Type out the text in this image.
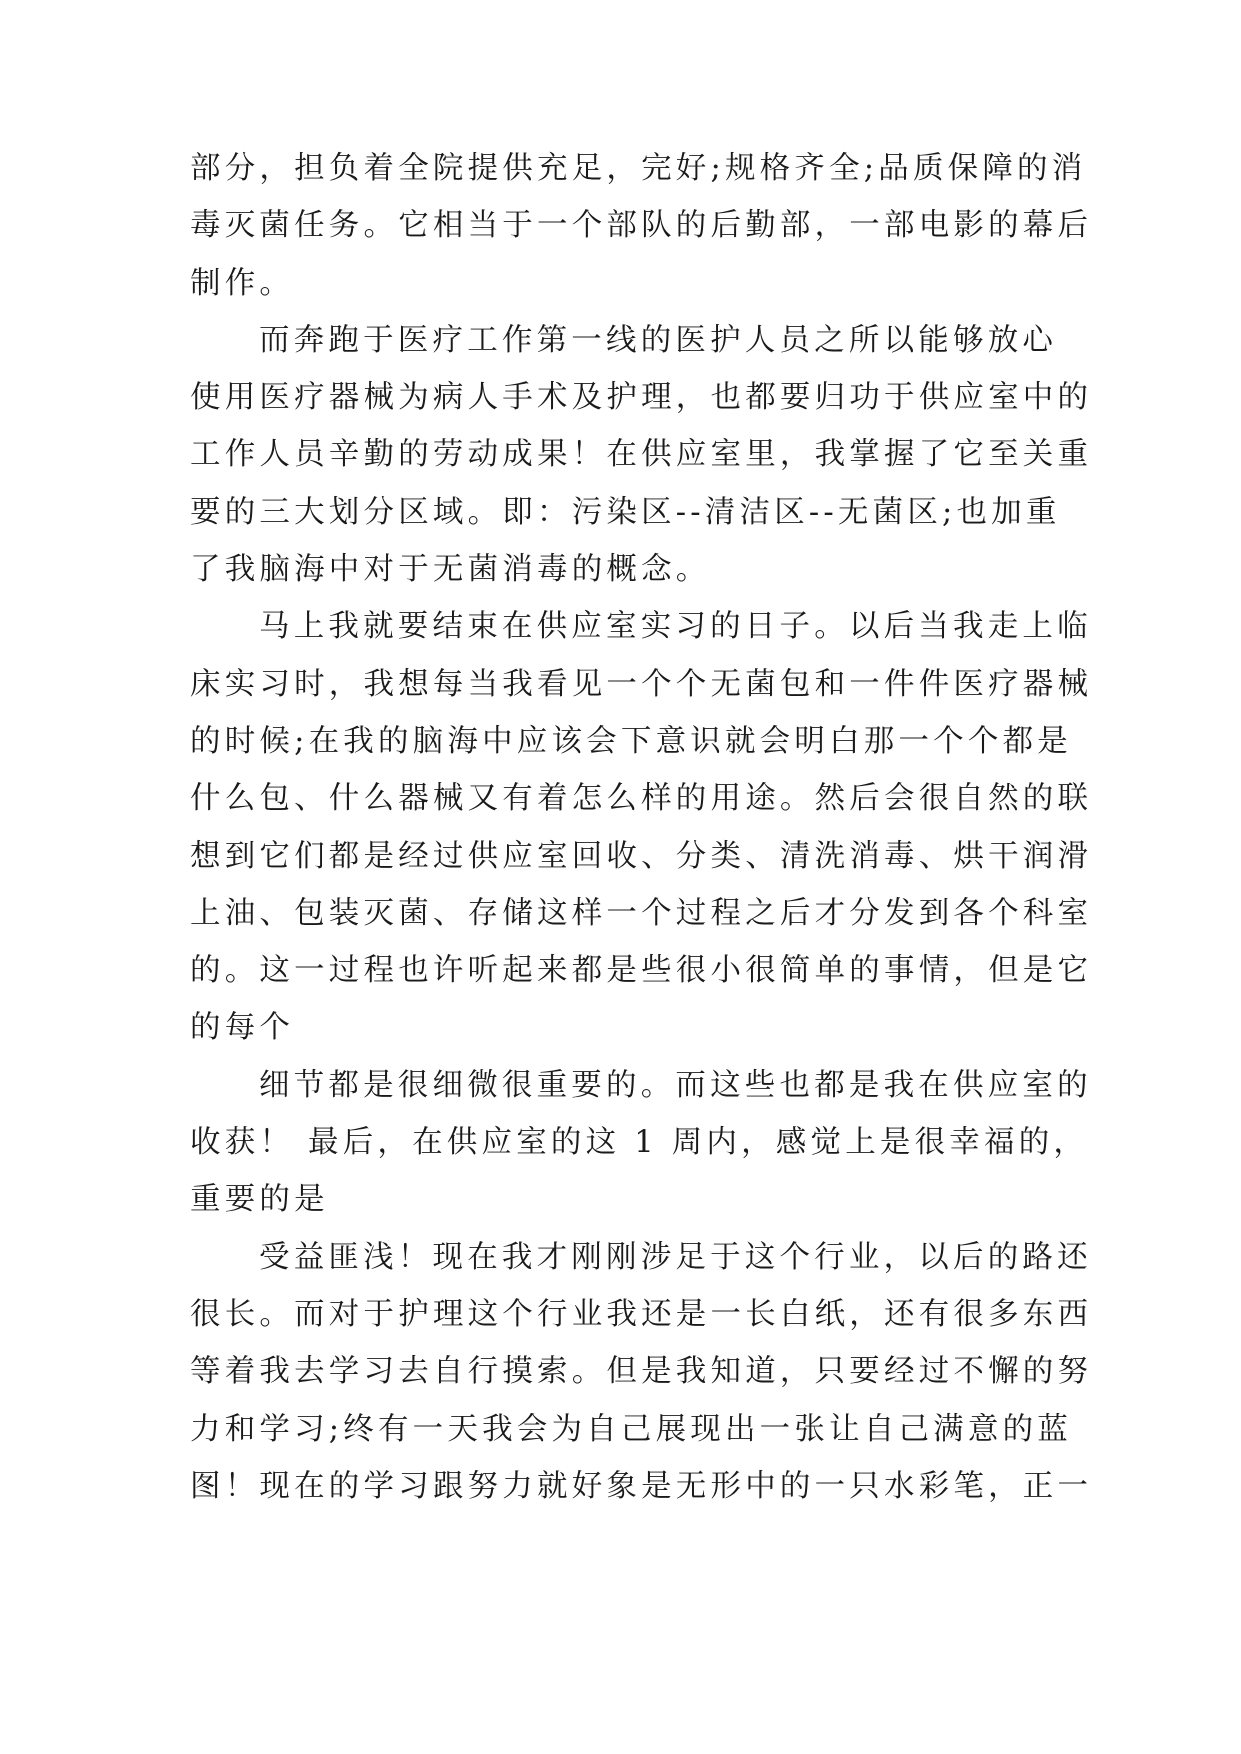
部分，担负着全院提供充足，完好;规格齐全;品质保障的消
毒灭菌任务。它相当于一个部队的后勤部，一部电影的幕后
制作。
而奔跑于医疗工作第一线的医护人员之所以能够放心
使用医疗器械为病人手术及护理，也都要归功于供应室中的
工作人员辛勤的劳动成果！在供应室里，我掌握了它至关重
要的三大划分区域。即：污染区--清洁区--无菌区;也加重
了我脑海中对于无菌消毒的概念。
马上我就要结束在供应室实习的日子。以后当我走上临
床实习时，我想每当我看见一个个无菌包和一件件医疗器械
的时候;在我的脑海中应该会下意识就会明白那一个个都是
什么包、什么器械又有着怎么样的用途。然后会很自然的联
想到它们都是经过供应室回收、分类、清洗消毒、烘干润滑
上油、包装灭菌、存储这样一个过程之后才分发到各个科室
的。这一过程也许听起来都是些很小很简单的事情，但是它
的每个
细节都是很细微很重要的。而这些也都是我在供应室的
收获！ 最后，在供应室的这 1 周内，感觉上是很幸福的，
重要的是
受益匪浅！现在我才刚刚涉足于这个行业，以后的路还
很长。而对于护理这个行业我还是一长白纸，还有很多东西
等着我去学习去自行摸索。但是我知道，只要经过不懈的努
力和学习;终有一天我会为自己展现出一张让自己满意的蓝
图！现在的学习跟努力就好象是无形中的一只水彩笔，正一
